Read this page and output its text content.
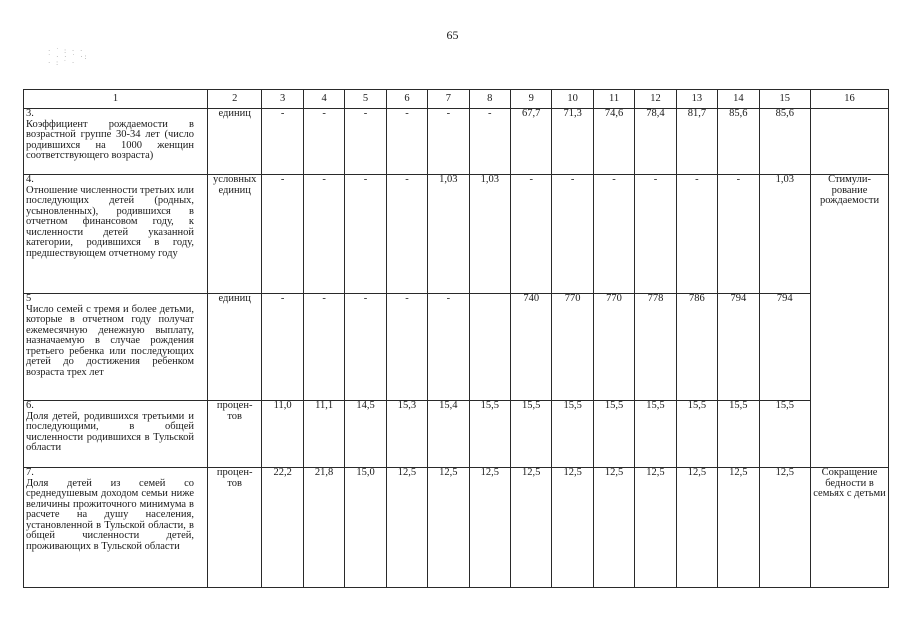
65
· ˙ : · ·
˙ · · ˙ ·:
· : ˙ ·
1	2	3	4	5	6	7	8	9	10	11	12	13	14	15	16
3.Коэффициент рождаемости в возрастной группе 30-34 лет (число родившихся на 1000 женщин соответствующего возраста)	единиц	-	-	-	-	-	-	67,7	71,3	74,6	78,4	81,7	85,6	85,6	
4.Отношение численности третьих или последующих детей (родных, усыновленных), родившихся в отчетном финансовом году, к численности детей указанной категории, родившихся в году, предшествующем отчетному году	условных единиц	-	-	-	-	1,03	1,03	-	-	-	-	-	-	1,03	Стимули-рование рождаемости
5Число семей с тремя и более детьми, которые в отчетном году получат ежемесячную денежную выплату, назначаемую в случае рождения третьего ребенка или последующих детей до достижения ребенком возраста трех лет	единиц	-	-	-	-	-		740	770	770	778	786	794	794	
6.Доля детей, родившихся третьими и последующими, в общей численности родившихся в Тульской области	процен-тов	11,0	11,1	14,5	15,3	15,4	15,5	15,5	15,5	15,5	15,5	15,5	15,5	15,5	
7.Доля детей из семей со среднедушевым доходом семьи ниже величины прожиточного минимума в расчете на душу населения, установленной в Тульской области, в общей численности детей, проживающих в Тульской области	процен-тов	22,2	21,8	15,0	12,5	12,5	12,5	12,5	12,5	12,5	12,5	12,5	12,5	12,5	Сокращение бедности в семьях с детьми
